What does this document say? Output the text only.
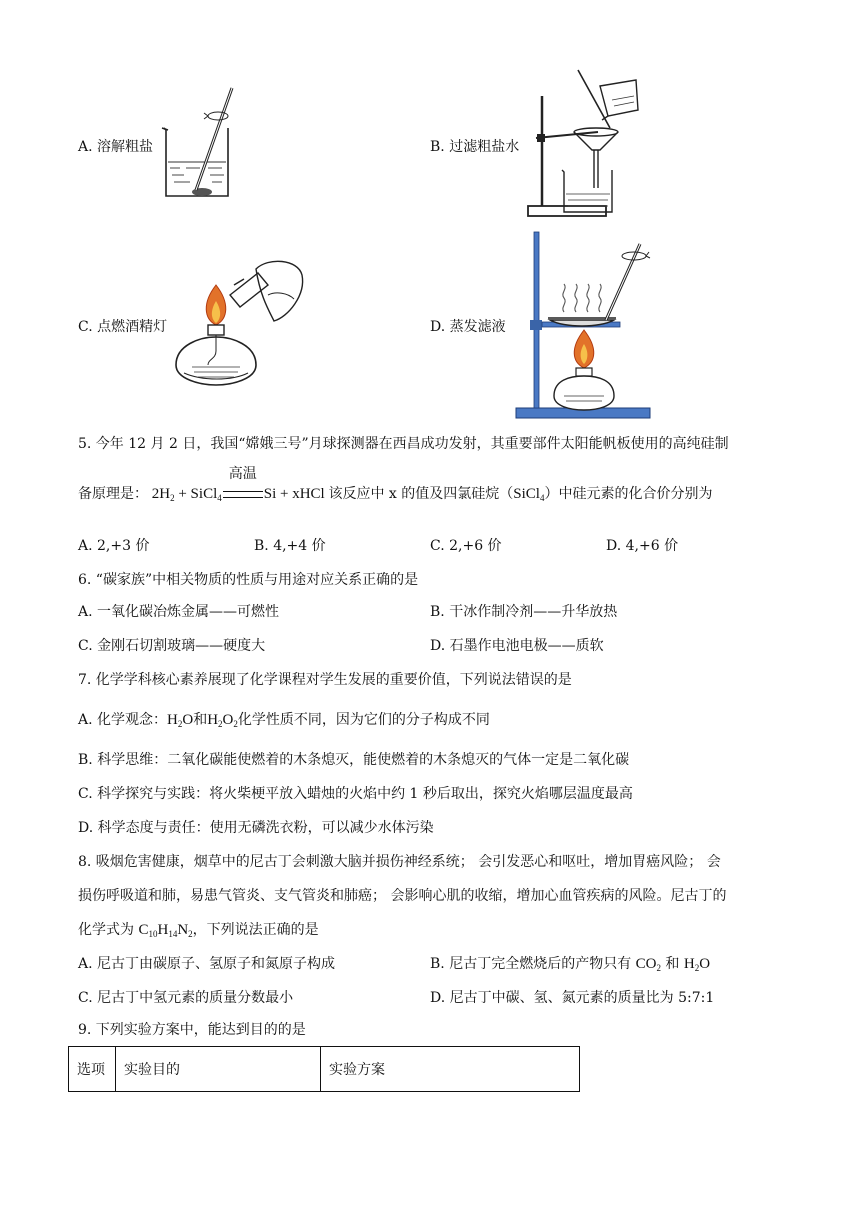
A. 溶解粗盐	B. 过滤粗盐水
C. 点燃酒精灯	D. 蒸发滤液
5. 今年 12 月 2 日，我国“嫦娥三号”月球探测器在西昌成功发射，其重要部件太阳能帆板使用的高纯硅制
备原理是： $2H_2$ + SiCl$_4$
高温
Si + xHCl 该反应中 x 的值及四氯硅烷（SiCl$_4$）中硅元素的化合价分别为
A. 2,+3 价	B. 4,+4 价	C. 2,+6 价	D. 4,+6 价
6. “碳家族”中相关物质的性质与用途对应关系正确的是
A. 一氧化碳冶炼金属——可燃性	B. 干冰作制冷剂——升华放热
C. 金刚石切割玻璃——硬度大	D. 石墨作电池电极——质软
7. 化学学科核心素养展现了化学课程对学生发展的重要价值，下列说法错误的是
A. 化学观念：$H_2O$和$H_2O_2$化学性质不同，因为它们的分子构成不同
B. 科学思维：二氧化碳能使燃着的木条熄灭，能使燃着的木条熄灭的气体一定是二氧化碳
C. 科学探究与实践：将火柴梗平放入蜡烛的火焰中约 1 秒后取出，探究火焰哪层温度最高
D. 科学态度与责任：使用无磷洗衣粉，可以减少水体污染
8. 吸烟危害健康，烟草中的尼古丁会刺激大脑并损伤神经系统； 会引发恶心和呕吐，增加胃癌风险； 会
损伤呼吸道和肺，易患气管炎、支气管炎和肺癌； 会影响心肌的收缩，增加心血管疾病的风险。尼古丁的
化学式为 $C_{10}H_{14}N_2$，下列说法正确的是
A. 尼古丁由碳原子、氢原子和氮原子构成	B. 尼古丁完全燃烧后的产物只有 $CO_2$ 和 $H_2O$
C. 尼古丁中氢元素的质量分数最小	D. 尼古丁中碳、氢、氮元素的质量比为 5:7:1
9. 下列实验方案中，能达到目的的是
选项	实验目的	实验方案
